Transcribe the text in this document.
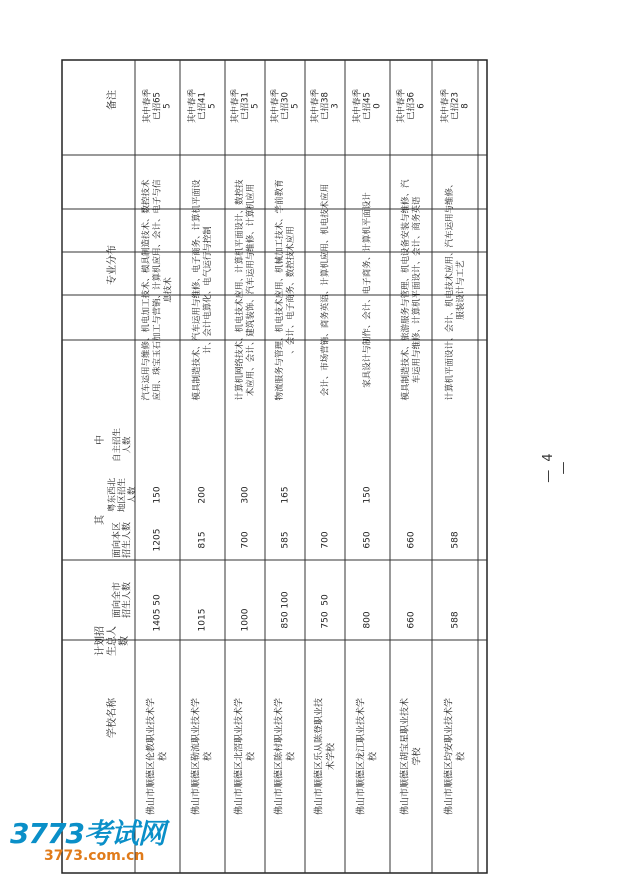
学校名称
计划招 生总人 数
其
中
面向全市 招生人数
面向本区 招生人数
粤东西北 地区招生 人数
自主招生 人数
专业分布
备注
佛山市顺德区伦教职业技术学 校
1405
50
1205
150
汽车运用与维修、机电加工技术、模具制造技术、数控技术 应用、珠宝玉石加工与营销、计算机应用、会计、电子与信 息技术
其中春季 已招65 5
佛山市顺德区勒流职业技术学 校
1015
815
200
模具制造技术、汽车运用与维修、电子商务、计算机平面设 计、会计电算化、电气运行与控制
其中春季 已招41 5
佛山市顺德区北滘职业技术学 校
1000
700
300
计算机网络技术、机电技术应用、计算机平面设计、数控技 术应用、会计、建筑装饰、汽车运用与维修、计算机应用
其中春季 已招31 5
佛山市顺德区陈村职业技术学 校
850
100
585
165
物流服务与管理、机电技术应用、机械加工技术、学前教育 、会计、电子商务、数控技术应用
其中春季 已招30 5
佛山市顺德区乐从陈登职业技 术学校
750
50
700
会计、市场营销、商务英语、计算机应用、机电技术应用
其中春季 已招38 3
佛山市顺德区龙江职业技术学 校
800
650
150
家具设计与制作、会计、电子商务、计算机平面设计
其中春季 已招45 0
佛山市顺德区胡宝星职业技术 学校
660
660
模具制造技术、旅游服务与管理、机电设备安装与维修、汽 车运用与维修、计算机平面设计、会计、商务英语
其中春季 已招36 6
佛山市顺德区均安职业技术学 校
588
588
计算机平面设计、会计、机电技术应用、汽车运用与维修、 服装设计与工艺
其中春季 已招23 8
— 4 —
3773考试网
3773.com.cn
